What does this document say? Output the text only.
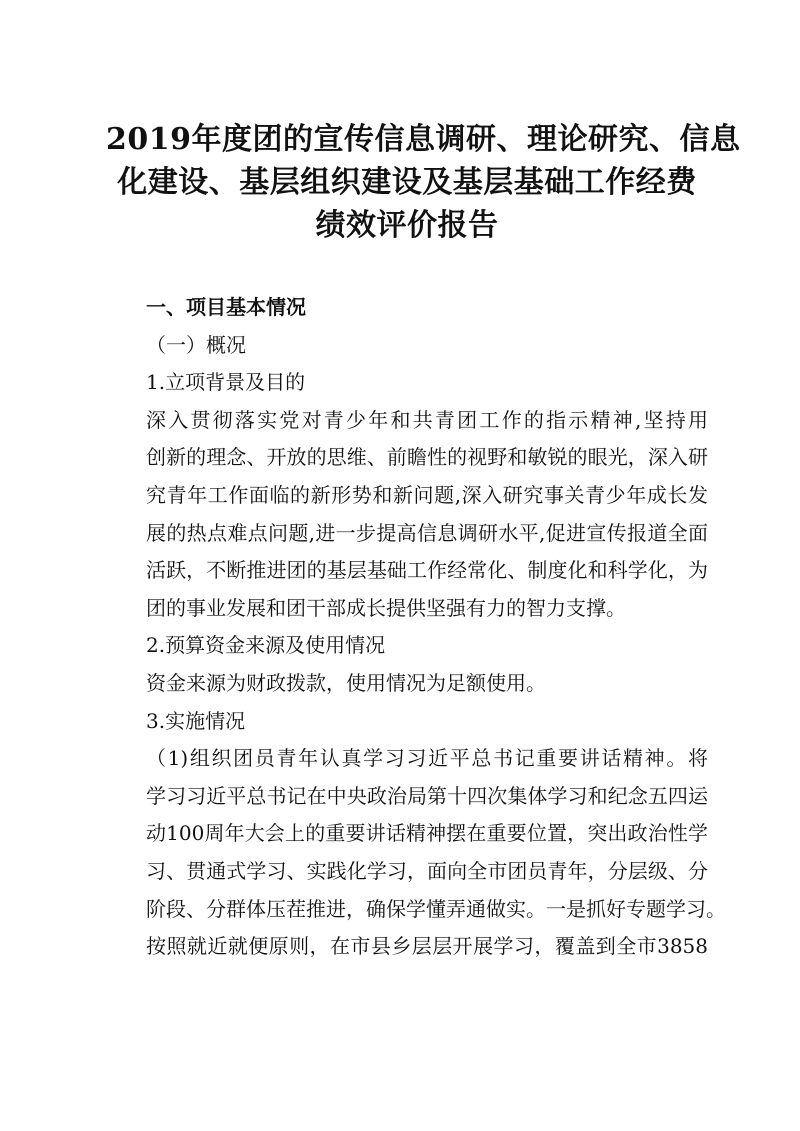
2019年度团的宣传信息调研、理论研究、信息
化建设、基层组织建设及基层基础工作经费
绩效评价报告

一、项目基本情况

（一）概况

1.立项背景及目的

深入贯彻落实党对青少年和共青团工作的指示精神,坚持用
创新的理念、开放的思维、前瞻性的视野和敏锐的眼光，深入研
究青年工作面临的新形势和新问题,深入研究事关青少年成长发
展的热点难点问题,进一步提高信息调研水平,促进宣传报道全面
活跃，不断推进团的基层基础工作经常化、制度化和科学化，为
团的事业发展和团干部成长提供坚强有力的智力支撑。

2.预算资金来源及使用情况

资金来源为财政拨款，使用情况为足额使用。

3.实施情况

（1)组织团员青年认真学习习近平总书记重要讲话精神。将
学习习近平总书记在中央政治局第十四次集体学习和纪念五四运
动100周年大会上的重要讲话精神摆在重要位置，突出政治性学
习、贯通式学习、实践化学习，面向全市团员青年，分层级、分
阶段、分群体压茬推进，确保学懂弄通做实。一是抓好专题学习。
按照就近就便原则，在市县乡层层开展学习，覆盖到全市3858
